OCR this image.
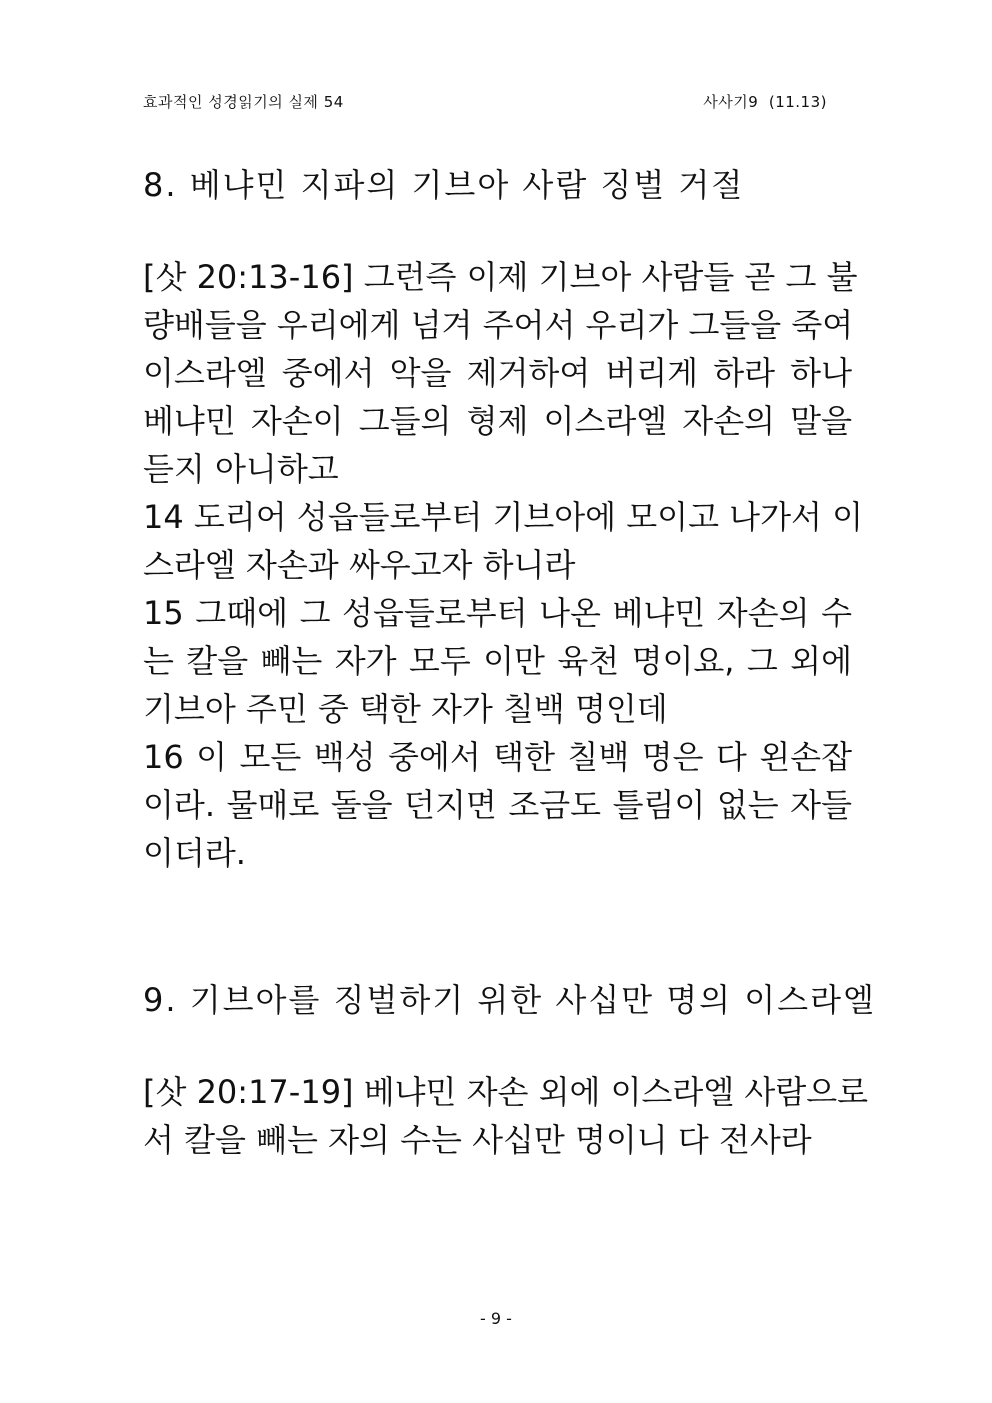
효과적인 성경읽기의 실제 54	사사기9  (11.13)
8. 베냐민 지파의 기브아 사람 징벌 거절
[삿 20:13-16] 그런즉 이제 기브아 사람들 곧 그 불
량배들을 우리에게 넘겨 주어서 우리가 그들을 죽여
이스라엘 중에서 악을 제거하여 버리게 하라 하나
베냐민 자손이 그들의 형제 이스라엘 자손의 말을
듣지 아니하고
14 도리어 성읍들로부터 기브아에 모이고 나가서 이
스라엘 자손과 싸우고자 하니라
15 그때에 그 성읍들로부터 나온 베냐민 자손의 수
는 칼을 빼는 자가 모두 이만 육천 명이요, 그 외에
기브아 주민 중 택한 자가 칠백 명인데
16 이 모든 백성 중에서 택한 칠백 명은 다 왼손잡
이라. 물매로 돌을 던지면 조금도 틀림이 없는 자들
이더라.
9. 기브아를 징벌하기 위한 사십만 명의 이스라엘
[삿 20:17-19] 베냐민 자손 외에 이스라엘 사람으로
서 칼을 빼는 자의 수는 사십만 명이니 다 전사라
- 9 -
